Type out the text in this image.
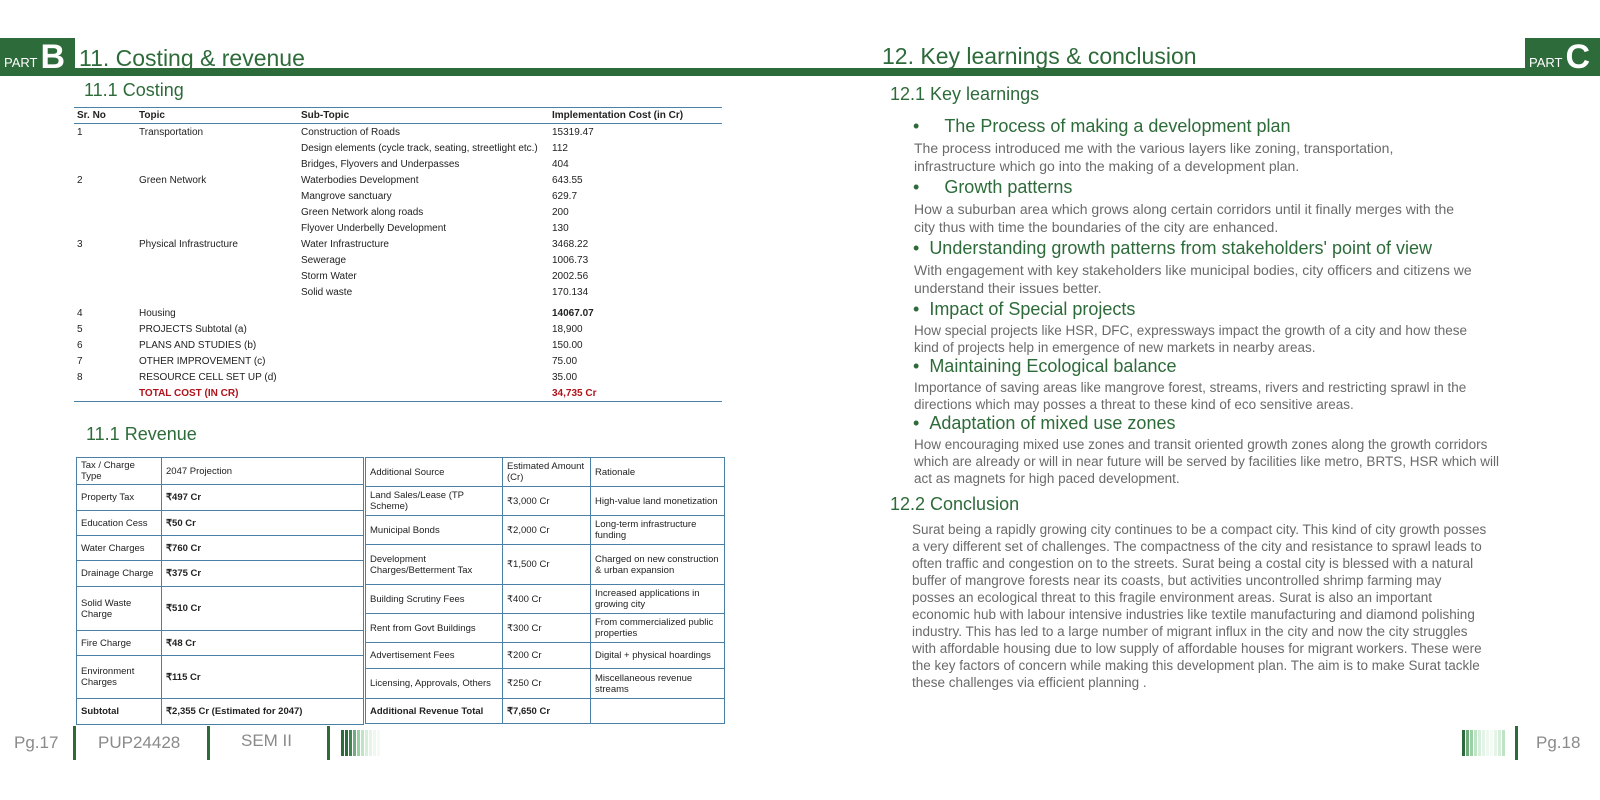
PART B 11. Costing & revenue
11.1 Costing
Sr. No	Topic	Sub-Topic	Implementation Cost (in Cr)
1	Transportation	Construction of Roads	15319.47
		Design elements (cycle track, seating, streetlight etc.)	112
		Bridges, Flyovers and Underpasses	404
2	Green Network	Waterbodies Development	643.55
		Mangrove sanctuary	629.7
		Green Network along roads	200
		Flyover Underbelly Development	130
3	Physical Infrastructure	Water Infrastructure	3468.22
		Sewerage	1006.73
		Storm Water	2002.56
		Solid waste	170.134
4	Housing		14067.07
5	PROJECTS Subtotal (a)		18,900
6	PLANS AND STUDIES (b)		150.00
7	OTHER IMPROVEMENT (c)		75.00
8	RESOURCE CELL SET UP (d)		35.00
	TOTAL COST (IN CR)		34,735 Cr
11.1 Revenue
Tax / Charge Type	2047 Projection
Property Tax	₹497 Cr
Education Cess	₹50 Cr
Water Charges	₹760 Cr
Drainage Charge	₹375 Cr
Solid Waste Charge	₹510 Cr
Fire Charge	₹48 Cr
Environment Charges	₹115 Cr
Subtotal	₹2,355 Cr (Estimated for 2047)
Additional Source	Estimated Amount (Cr)	Rationale
Land Sales/Lease (TP Scheme)	₹3,000 Cr	High-value land monetization
Municipal Bonds	₹2,000 Cr	Long-term infrastructure funding
Development Charges/Betterment Tax	₹1,500 Cr	Charged on new construction & urban expansion
Building Scrutiny Fees	₹400 Cr	Increased applications in growing city
Rent from Govt Buildings	₹300 Cr	From commercialized public properties
Advertisement Fees	₹200 Cr	Digital + physical hoardings
Licensing, Approvals, Others	₹250 Cr	Miscellaneous revenue streams
Additional Revenue Total	₹7,650 Cr	
Pg.17 PUP24428	SEM II
PART C
12. Key learnings & conclusion
12.1 Key learnings
•     The Process of making a development plan
The process introduced me with the various layers like zoning, transportation, infrastructure which go into the making of a development plan.
•     Growth patterns
How a suburban area which grows along certain corridors until it finally merges with the city thus with time the boundaries of the city are enhanced.
•  Understanding growth patterns from stakeholders' point of view
With engagement with key stakeholders like municipal bodies, city officers and citizens we understand their issues better.
•  Impact of Special projects
How special projects like HSR, DFC, expressways impact the growth of a city and how these kind of projects help in emergence of new markets in nearby areas.
•  Maintaining Ecological balance
Importance of saving areas like mangrove forest, streams, rivers and restricting sprawl in the directions which may posses a threat to these kind of eco sensitive areas.
•  Adaptation of mixed use zones
How encouraging mixed use zones and transit oriented growth zones along the growth corridors which are already or will in near future will be served by facilities like metro, BRTS, HSR which will act as magnets for high paced development.
12.2 Conclusion
Surat being a rapidly growing city continues to be a compact city. This kind of city growth posses a very different set of challenges. The compactness of the city and resistance to sprawl leads to often traffic and congestion on to the streets. Surat being a costal city is blessed with a natural buffer of mangrove forests near its coasts, but activities uncontrolled shrimp farming may posses an ecological threat to this fragile environment areas. Surat is also an important economic hub with labour intensive industries like textile manufacturing and diamond polishing industry. This has led to a large number of migrant influx in the city and now the city struggles with affordable housing due to low supply of affordable houses for migrant workers. These were the key factors of concern while making this development plan. The aim is to make Surat tackle these challenges via efficient planning .
Pg.18
